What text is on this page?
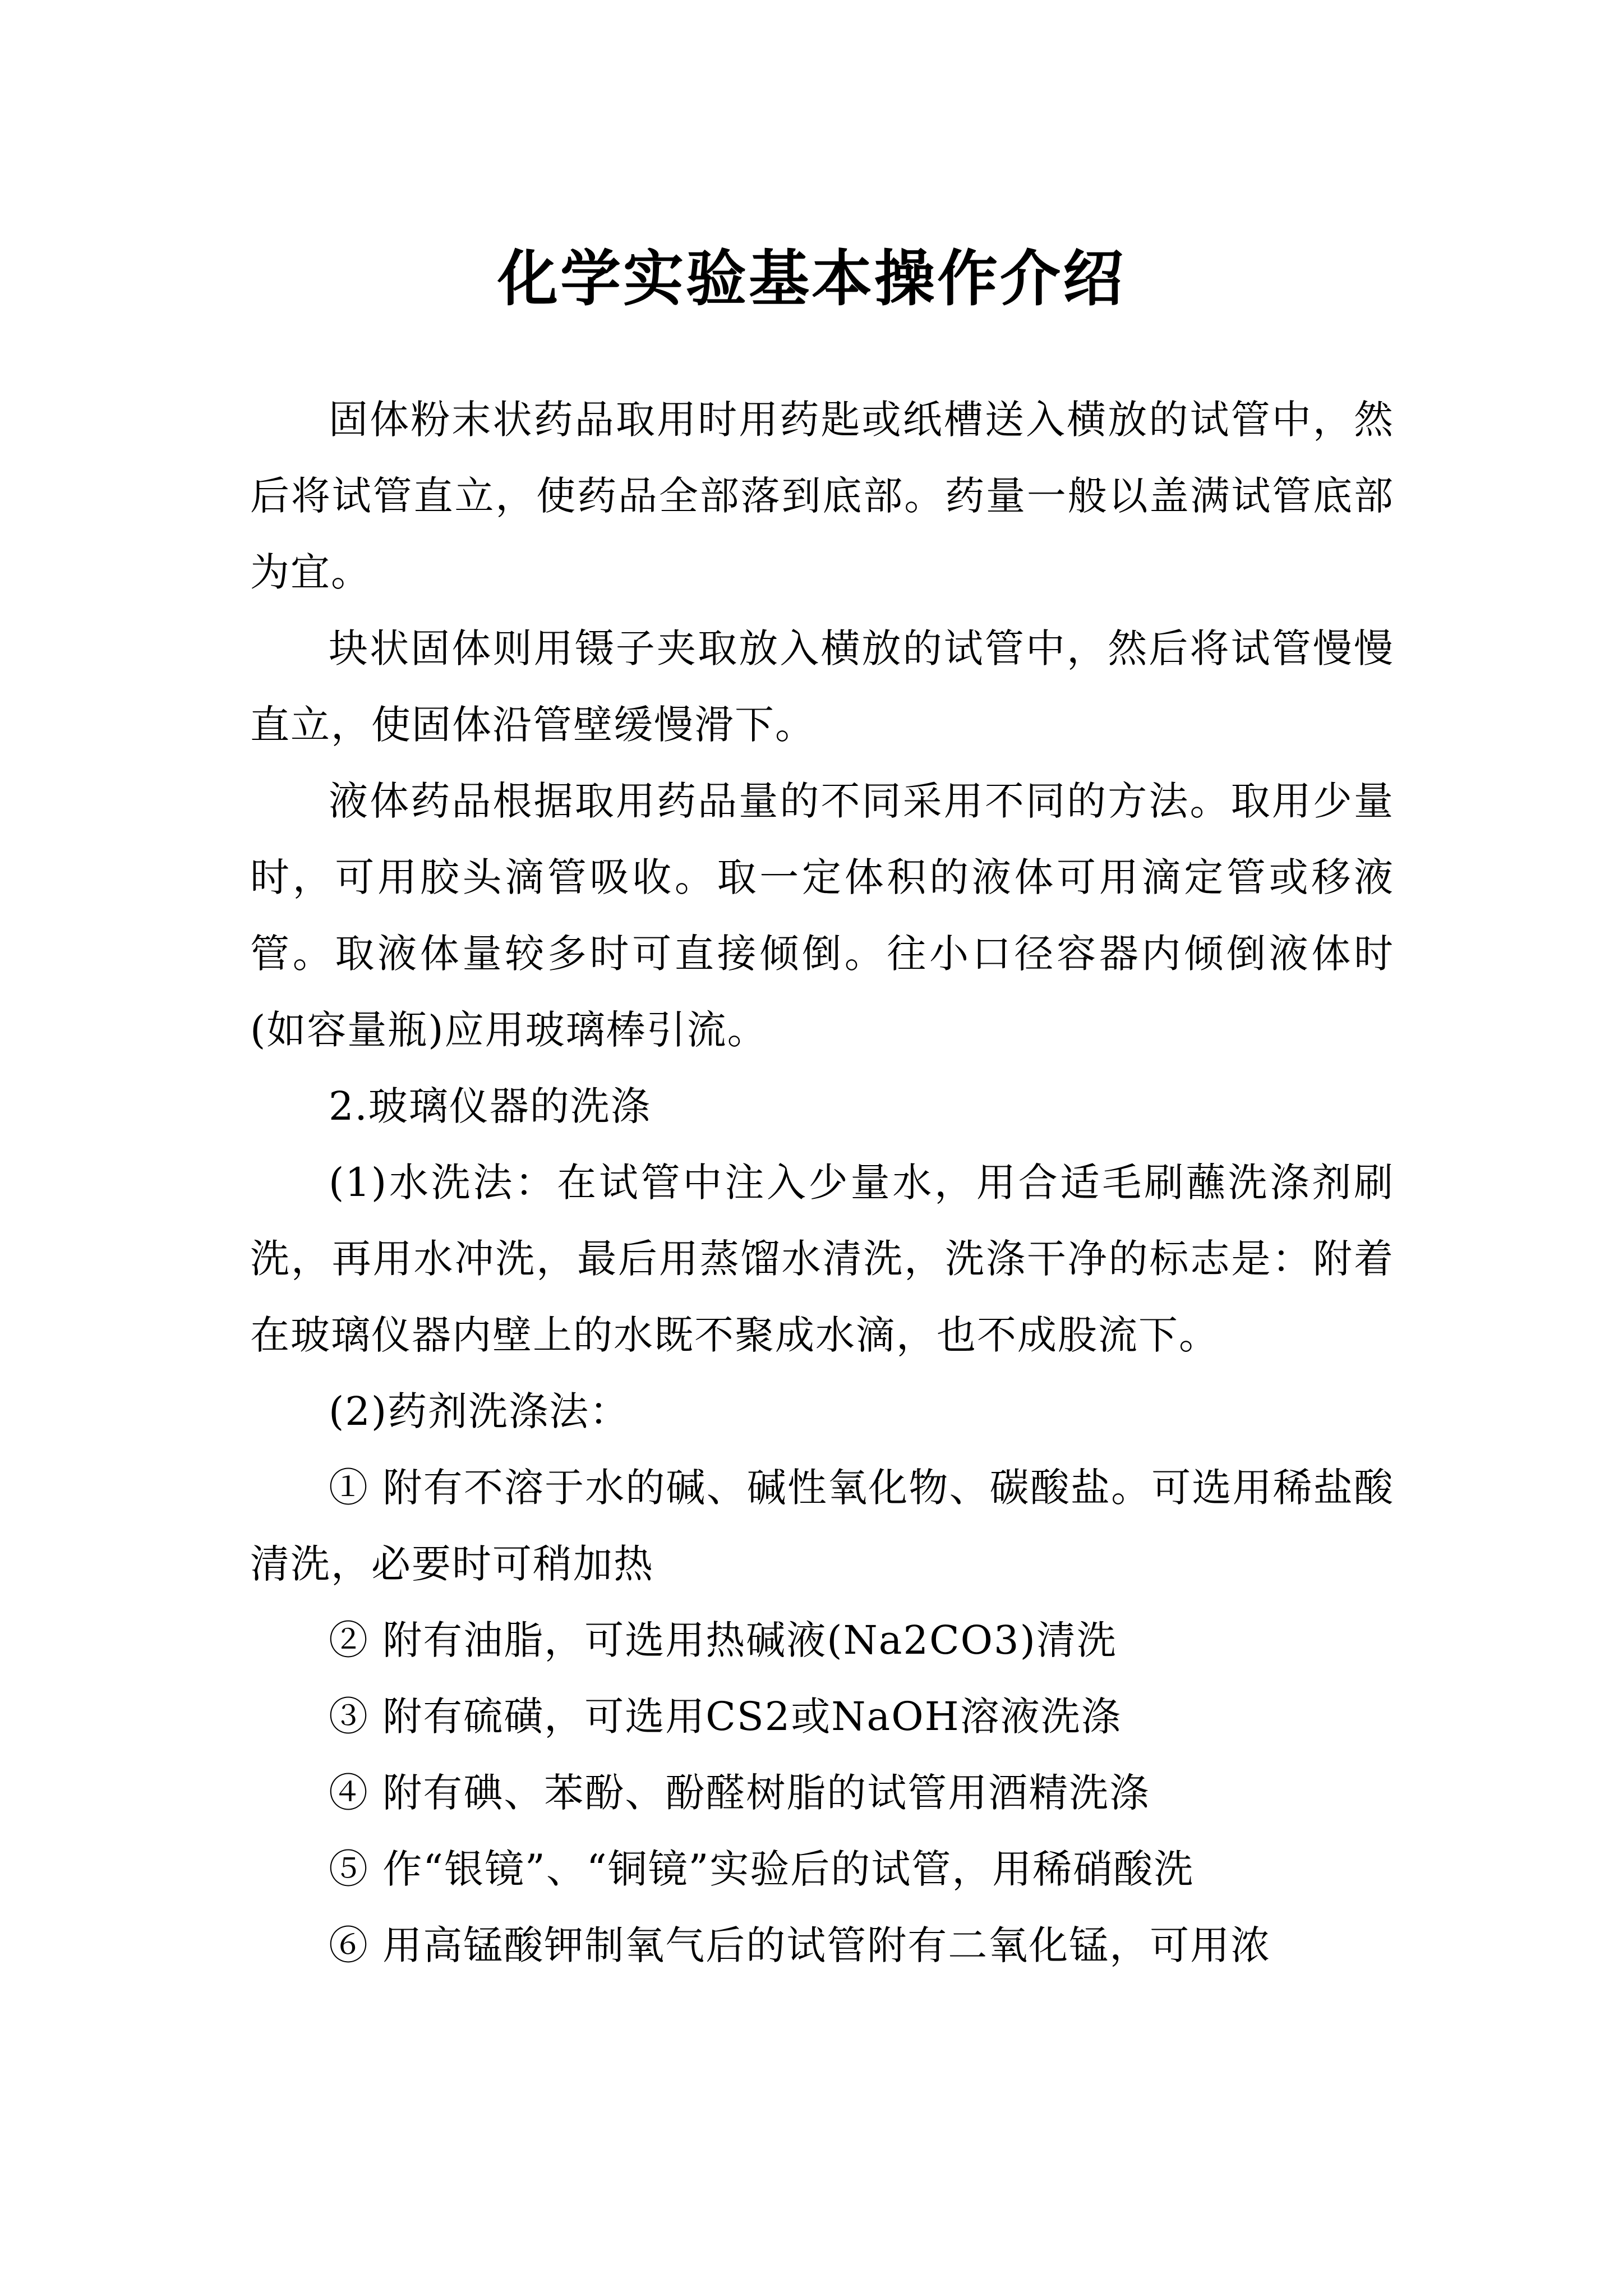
化学实验基本操作介绍

固体粉末状药品取用时用药匙或纸槽送入横放的试管中，然后将试管直立，使药品全部落到底部。药量一般以盖满试管底部为宜。

块状固体则用镊子夹取放入横放的试管中，然后将试管慢慢直立，使固体沿管壁缓慢滑下。

液体药品根据取用药品量的不同采用不同的方法。取用少量时，可用胶头滴管吸收。取一定体积的液体可用滴定管或移液管。取液体量较多时可直接倾倒。往小口径容器内倾倒液体时(如容量瓶)应用玻璃棒引流。

2.玻璃仪器的洗涤

(1)水洗法：在试管中注入少量水，用合适毛刷蘸洗涤剂刷洗，再用水冲洗，最后用蒸馏水清洗，洗涤干净的标志是：附着在玻璃仪器内壁上的水既不聚成水滴，也不成股流下。

(2)药剂洗涤法：

① 附有不溶于水的碱、碱性氧化物、碳酸盐。可选用稀盐酸清洗，必要时可稍加热

② 附有油脂，可选用热碱液(Na2CO3)清洗

③ 附有硫磺，可选用CS2或NaOH溶液洗涤

④ 附有碘、苯酚、酚醛树脂的试管用酒精洗涤

⑤ 作“银镜”、“铜镜”实验后的试管，用稀硝酸洗

⑥ 用高锰酸钾制氧气后的试管附有二氧化锰，可用浓
